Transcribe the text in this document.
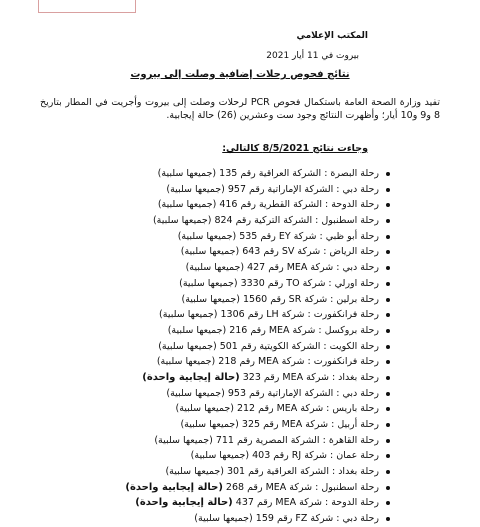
المكتب الإعلامي
بيروت في 11 أيار 2021
نتائج فحوص رحلات إضافية وصلت إلى بيروت
تفيد وزارة الصحة العامة باستكمال فحوص PCR لرحلات وصلت إلى بيروت وأجريت في المطار بتاريخ 8 و9 و10 أيار؛ وأظهرت النتائج وجود ست وعشرين (26) حالة إيجابية.
وجاءت نتائج 8/5/2021 كالتالي:
رحلة البصرة : الشركة العراقية رقم 135 (جميعها سلبية)
رحلة دبي : الشركة الإماراتية رقم 957 (جميعها سلبية)
رحلة الدوحة : الشركة القطرية رقم 416 (جميعها سلبية)
رحلة اسطنبول : الشركة التركية رقم 824 (جميعها سلبية)
رحلة أبو ظبي : شركة EY رقم 535 (جميعها سلبية)
رحلة الرياض : شركة SV رقم 643 (جميعها سلبية)
رحلة دبي : شركة MEA رقم 427 (جميعها سلبية)
رحلة اورلي : شركة TO رقم 3330 (جميعها سلبية)
رحلة برلين : شركة SR رقم 1560 (جميعها سلبية)
رحلة فرانكفورت : شركة LH رقم 1306 (جميعها سلبية)
رحلة بروكسل : شركة MEA رقم 216 (جميعها سلبية)
رحلة الكويت : الشركة الكويتية رقم 501 (جميعها سلبية)
رحلة فرانكفورت : شركة MEA رقم 218 (جميعها سلبية)
رحلة بغداد : شركة MEA رقم 323 (حالة إيجابية واحدة)
رحلة دبي : الشركة الإماراتية رقم 953 (جميعها سلبية)
رحلة باريس : شركة MEA رقم 212 (جميعها سلبية)
رحلة أربيل : شركة MEA رقم 325 (جميعها سلبية)
رحلة القاهرة : الشركة المصرية رقم 711 (جميعها سلبية)
رحلة عمان : شركة RJ رقم 403 (جميعها سلبية)
رحلة بغداد : الشركة العراقية رقم 301 (جميعها سلبية)
رحلة اسطنبول : شركة MEA رقم 268 (حالة إيجابية واحدة)
رحلة الدوحة : شركة MEA رقم 437 (حالة إيجابية واحدة)
رحلة دبي : شركة FZ رقم 159 (جميعها سلبية)
